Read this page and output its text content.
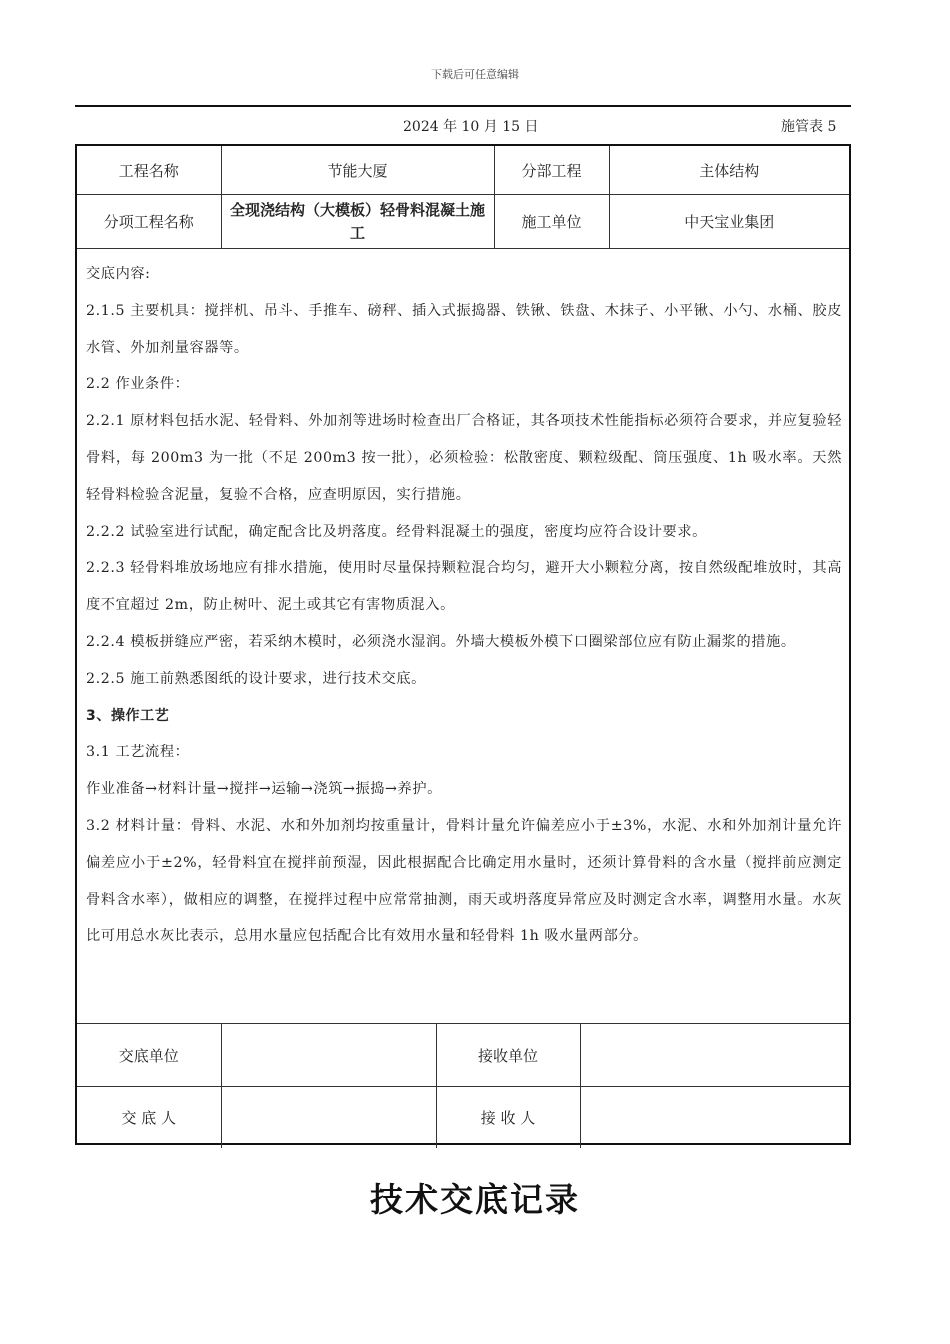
下载后可任意编辑
2024 年 10 月 15 日	施管表 5
工程名称	节能大厦	分部工程	主体结构
分项工程名称	全现浇结构（大模板）轻骨料混凝土施工	施工单位	中天宝业集团

交底内容:

2.1.5 主要机具：搅拌机、吊斗、手推车、磅秤、插入式振捣器、铁锹、铁盘、木抹子、小平锹、小勺、水桶、胶皮水管、外加剂量容器等。

2.2 作业条件：

2.2.1 原材料包括水泥、轻骨料、外加剂等进场时检查出厂合格证，其各项技术性能指标必须符合要求，并应复验轻骨料，每 200m3 为一批（不足 200m3 按一批），必须检验：松散密度、颗粒级配、筒压强度、1h 吸水率。天然轻骨料检验含泥量，复验不合格，应查明原因，实行措施。

2.2.2 试验室进行试配，确定配含比及坍落度。经骨料混凝土的强度，密度均应符合设计要求。

2.2.3 轻骨料堆放场地应有排水措施，使用时尽量保持颗粒混合均匀，避开大小颗粒分离，按自然级配堆放时，其高度不宜超过 2m，防止树叶、泥土或其它有害物质混入。

2.2.4 模板拼缝应严密，若采纳木模时，必须浇水湿润。外墙大模板外模下口圈梁部位应有防止漏浆的措施。

2.2.5 施工前熟悉图纸的设计要求，进行技术交底。

3、操作工艺

3.1 工艺流程：

作业准备→材料计量→搅拌→运输→浇筑→振捣→养护。

3.2 材料计量：骨料、水泥、水和外加剂均按重量计，骨料计量允许偏差应小于±3%，水泥、水和外加剂计量允许偏差应小于±2%，轻骨料宜在搅拌前预湿，因此根据配合比确定用水量时，还须计算骨料的含水量（搅拌前应测定骨料含水率），做相应的调整，在搅拌过程中应常常抽测，雨天或坍落度异常应及时测定含水率，调整用水量。水灰比可用总水灰比表示，总用水量应包括配合比有效用水量和轻骨料 1h 吸水量两部分。

交底单位		接收单位	
交 底 人		接 收 人	
技术交底记录
